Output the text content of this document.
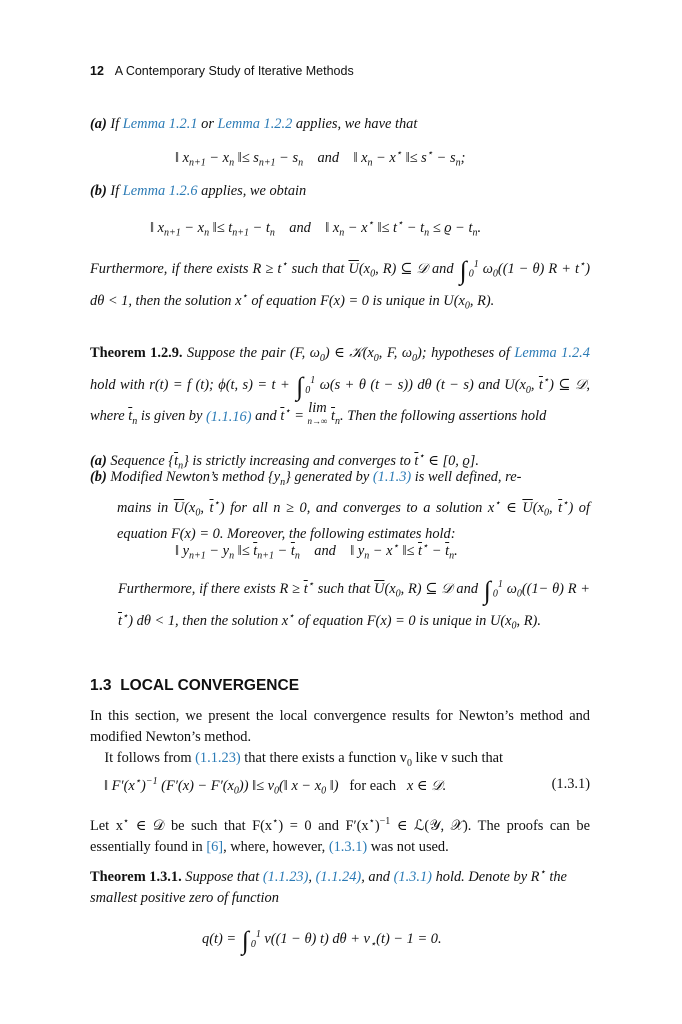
12 A Contemporary Study of Iterative Methods
(a) If Lemma 1.2.1 or Lemma 1.2.2 applies, we have that
‖ $x_{n+1} - x_n$ ‖≤ $s_{n+1} - s_n$    and    ‖ $x_n - x^⋆$ ‖≤ $s^⋆ - s_n$;
(b) If Lemma 1.2.6 applies, we obtain
‖ $x_{n+1} - x_n$ ‖≤ $t_{n+1} - t_n$    and    ‖ $x_n - x^⋆$ ‖≤ $t^⋆ - t_n \le ϱ - t_n$.
Furthermore, if there exists R ≥ t⋆ such that $\overline{U}(x_0$, R) ⊆ 𝒟 and ∫ $_0^1$ $\omega_0((1 - \theta) R + t^⋆) d\theta < 1$, then the solution x⋆ of equation F(x) = 0 is unique in $U(x_0$, R).
Theorem 1.2.9. Suppose the pair (F, $\omega_0$) ∈ $𝒦(x_0$, F, $\omega_0$); hypotheses of Lemma 1.2.4 hold with r(t) = f (t); ϕ(t, s) = t + ∫ $_0^1$ ω(s + θ (t − s)) dθ (t − s) and $U(x_0$, $\overline{t}^⋆$) ⊆ 𝒟, where $\overline{t}_n$ is given by (1.1.16) and $\overline{t}^⋆ = \lim$
n→∞ $\overline{t}_n$. Then the following assertions hold
(a) Sequence $\{\overline{t}_n\}$ is strictly increasing and converges to $\overline{t}^⋆$ ∈ [0, ϱ].
(b) Modified Newton’s method $\{y_n\}$ generated by (1.1.3) is well defined, re-
mains in $\overline{U}(x_0$, $\overline{t}^⋆$) for all n ≥ 0, and converges to a solution x⋆ ∈ $\overline{U}(x_0$, $\overline{t}^⋆$) of equation F(x) = 0. Moreover, the following estimates hold:
‖ $y_{n+1} - y_n$ ‖≤ $\overline{t}_{n+1} - \overline{t}_n$    and    ‖ $y_n - x^⋆$ ‖≤ $\overline{t}^⋆ - \overline{t}_n$.
Furthermore, if there exists $R \ge \overline{t}^⋆$ such that $\overline{U}(x_0$, R) ⊆ 𝒟 and ∫ $_0^1$ $\omega_0((1- \theta) R + \overline{t}^⋆) d\theta < 1$, then the solution x⋆ of equation F(x) = 0 is unique in $U(x_0$, R).
1.3 LOCAL CONVERGENCE
In this section, we present the local convergence results for Newton’s method and modified Newton’s method.
It follows from (1.1.23) that there exists a function $v_0$ like v such that
‖ $F'(x^⋆)^{-1}$ $(F'(x) - F'(x_0))$ ‖≤ $v_0(‖$ $x - x_0$ ‖)   for each   x ∈ 𝒟.	(1.3.1)
Let x⋆ ∈ 𝒟 be such that F(x⋆) = 0 and $F'(x^⋆)^{-1}$ ∈ ℒ(𝒴, 𝒳). The proofs can be essentially found in [6], where, however, (1.3.1) was not used.
Theorem 1.3.1. Suppose that (1.1.23), (1.1.24), and (1.3.1) hold. Denote by R⋆ the smallest positive zero of function
q(t) = ∫ $_0^1$ v((1 − θ) t) $d\theta + v_⋆(t) - 1 = 0$.
